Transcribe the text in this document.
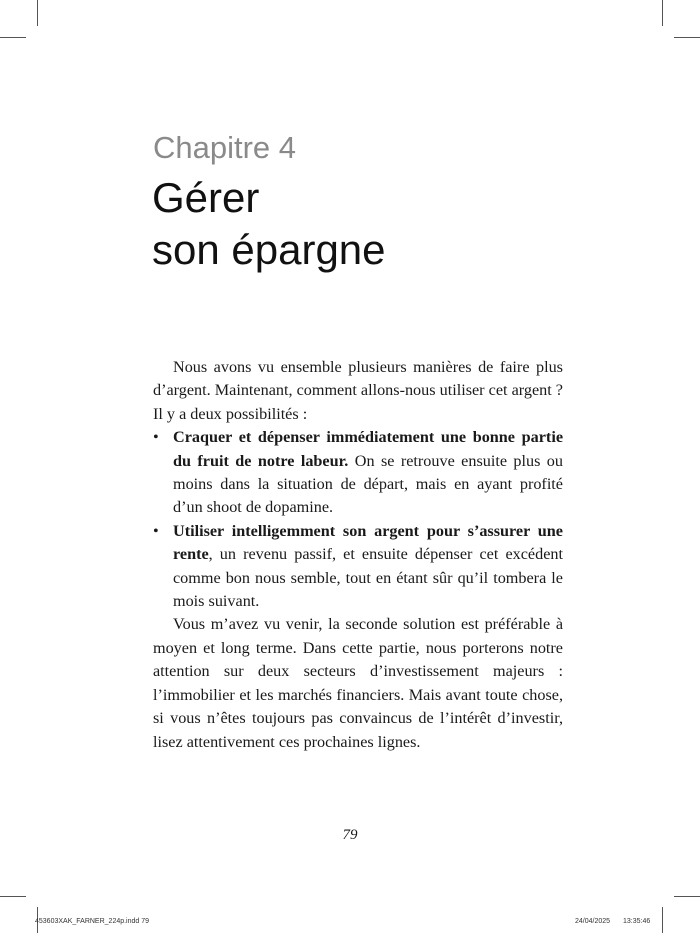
Chapitre 4
Gérer
son épargne

Nous avons vu ensemble plusieurs manières de faire plus d’argent. Maintenant, comment allons-nous utiliser cet argent ? Il y a deux possibilités :

• Craquer et dépenser immédiatement une bonne partie du fruit de notre labeur. On se retrouve ensuite plus ou moins dans la situation de départ, mais en ayant profité d’un shoot de dopamine.
• Utiliser intelligemment son argent pour s’assurer une rente, un revenu passif, et ensuite dépenser cet excédent comme bon nous semble, tout en étant sûr qu’il tombera le mois suivant.

Vous m’avez vu venir, la seconde solution est préférable à moyen et long terme. Dans cette partie, nous porterons notre attention sur deux secteurs d’investissement majeurs : l’immobilier et les marchés financiers. Mais avant toute chose, si vous n’êtes toujours pas convaincus de l’intérêt d’investir, lisez attentivement ces prochaines lignes.

79
453603XAK_FARNER_224p.indd 79	24/04/2025 13:35:46
